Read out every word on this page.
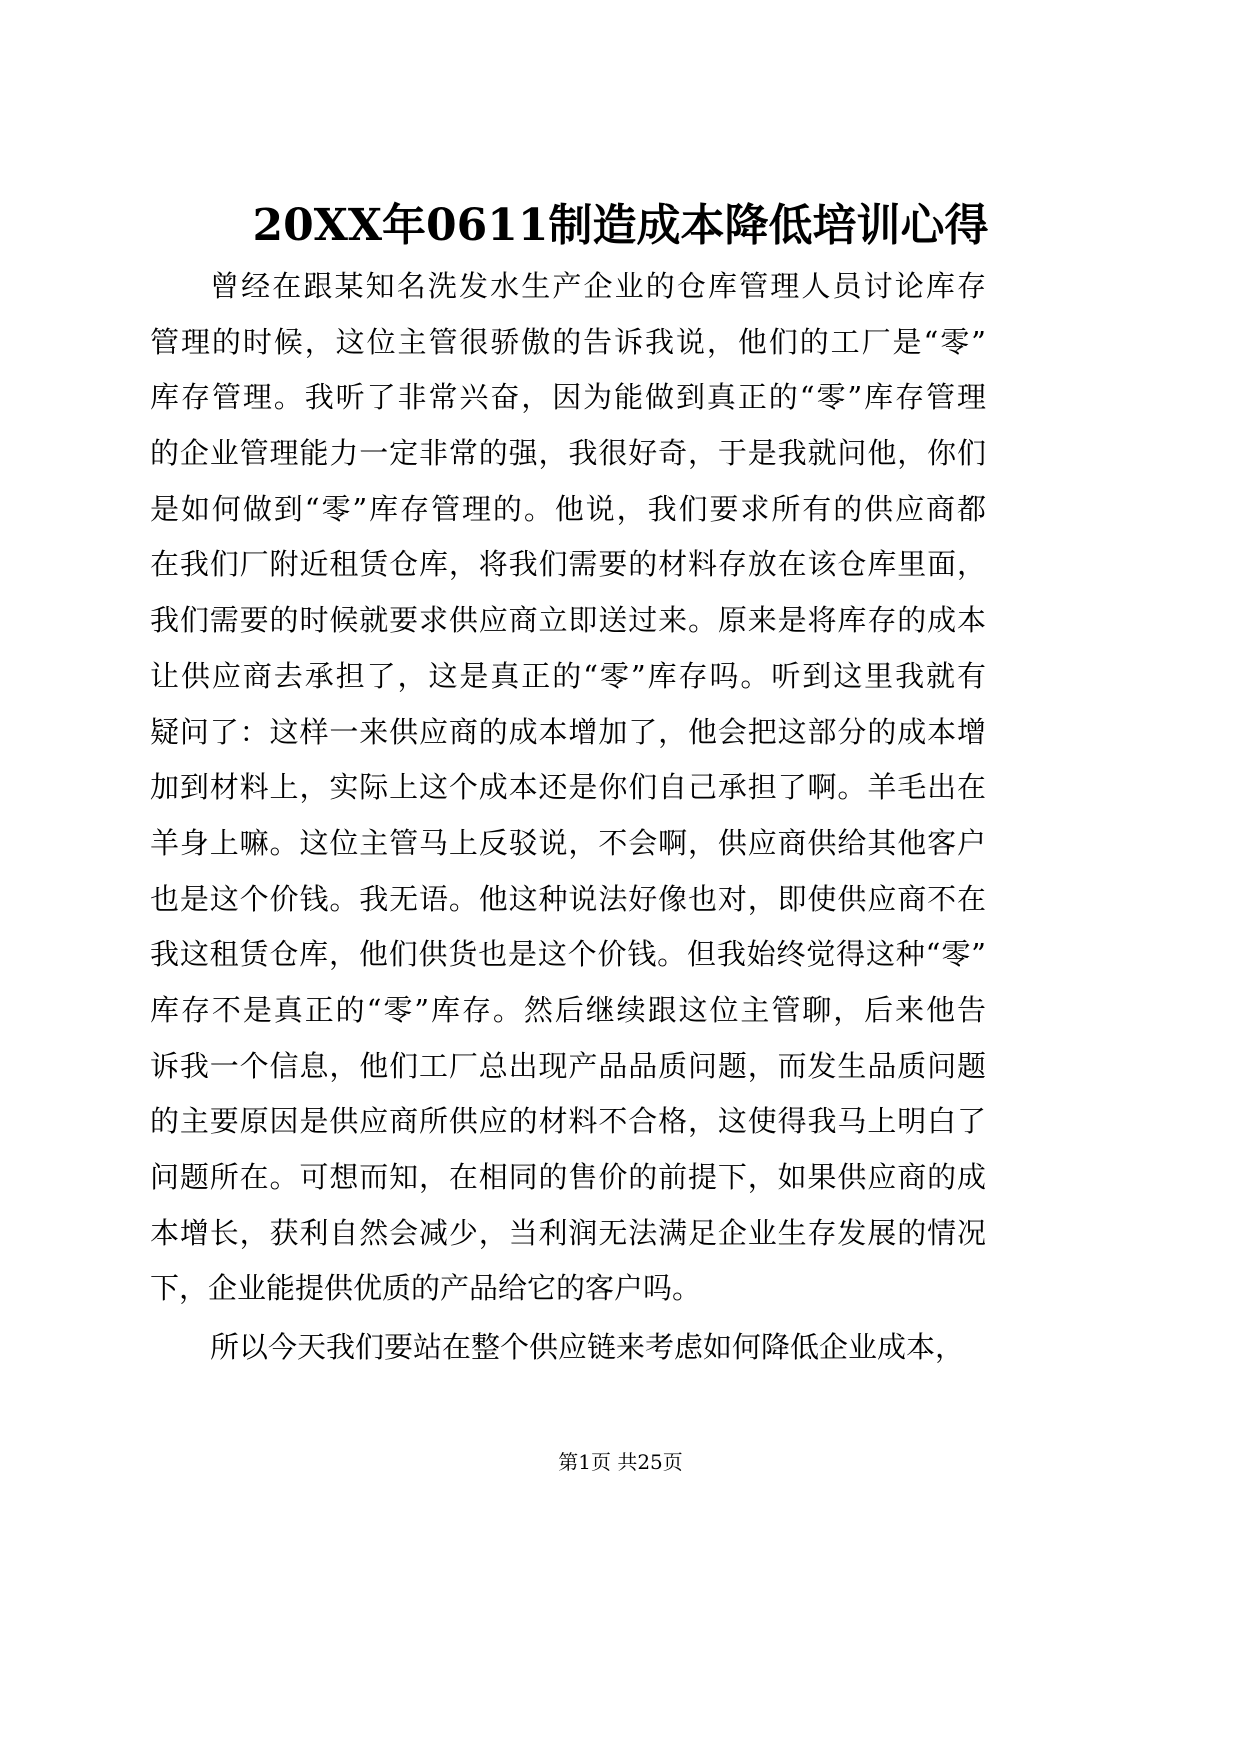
20XX年0611制造成本降低培训心得
曾经在跟某知名洗发水生产企业的仓库管理人员讨论库存
管理的时候，这位主管很骄傲的告诉我说，他们的工厂是“零”
库存管理。我听了非常兴奋，因为能做到真正的“零”库存管理
的企业管理能力一定非常的强，我很好奇，于是我就问他，你们
是如何做到“零”库存管理的。他说，我们要求所有的供应商都
在我们厂附近租赁仓库，将我们需要的材料存放在该仓库里面，
我们需要的时候就要求供应商立即送过来。原来是将库存的成本
让供应商去承担了，这是真正的“零”库存吗。听到这里我就有
疑问了：这样一来供应商的成本增加了，他会把这部分的成本增
加到材料上，实际上这个成本还是你们自己承担了啊。羊毛出在
羊身上嘛。这位主管马上反驳说，不会啊，供应商供给其他客户
也是这个价钱。我无语。他这种说法好像也对，即使供应商不在
我这租赁仓库，他们供货也是这个价钱。但我始终觉得这种“零”
库存不是真正的“零”库存。然后继续跟这位主管聊，后来他告
诉我一个信息，他们工厂总出现产品品质问题，而发生品质问题
的主要原因是供应商所供应的材料不合格，这使得我马上明白了
问题所在。可想而知，在相同的售价的前提下，如果供应商的成
本增长，获利自然会减少，当利润无法满足企业生存发展的情况
下，企业能提供优质的产品给它的客户吗。
所以今天我们要站在整个供应链来考虑如何降低企业成本，
第1页 共25页
